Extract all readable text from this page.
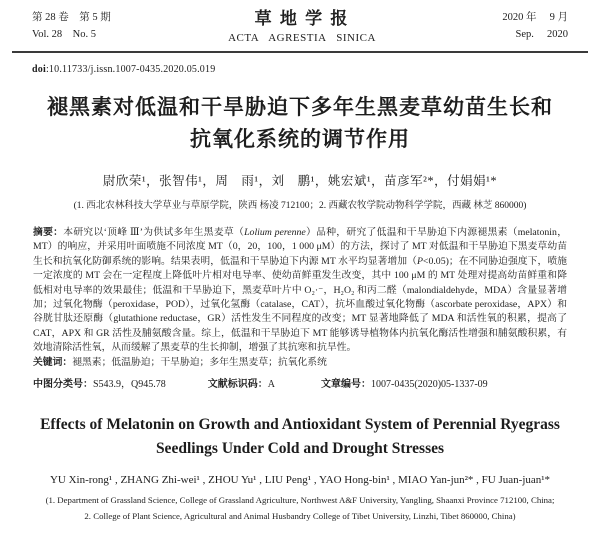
第 28 卷　第 5 期
Vol. 28　No. 5
草 地 学 报
ACTA AGRESTIA SINICA
2020 年　 9 月
Sep.　 2020
doi:10.11733/j.issn.1007-0435.2020.05.019
褪黑素对低温和干旱胁迫下多年生黑麦草幼苗生长和
抗氧化系统的调节作用
尉欣荣¹，张智伟¹，周　雨¹，刘　鹏¹，姚宏斌¹，苗彦军²*，付娟娟¹*
(1. 西北农林科技大学草业与草原学院，陕西 杨凌 712100；2. 西藏农牧学院动物科学学院，西藏 林芝 860000)

摘要：本研究以‘顶峰 Ⅲ’为供试多年生黑麦草（Lolium perenne）品种，研究了低温和干旱胁迫下内源褪黑素（melatonin，MT）的响应，并采用叶面喷施不同浓度 MT（0，20，100，1 000 μM）的方法，探讨了 MT 对低温和干旱胁迫下黑麦草幼苗生长和抗氧化防御系统的影响。结果表明，低温和干旱胁迫下内源 MT 水平均显著增加（P<0.05)；在不同胁迫强度下，喷施一定浓度的 MT 会在一定程度上降低叶片相对电导率、使幼苗鲜重发生改变，其中 100 μM 的 MT 处理对提高幼苗鲜重和降低相对电导率的效果最佳；低温和干旱胁迫下，黑麦草叶片中 O₂·⁻，H₂O₂ 和丙二醛（malondialdehyde，MDA）含量显著增加；过氧化物酶（peroxidase，POD），过氧化氢酶（catalase，CAT），抗坏血酸过氧化物酶（ascorbate peroxidase，APX）和谷胱甘肽还原酶（glutathione reductase，GR）活性发生不同程度的改变；MT 显著地降低了 MDA 和活性氧的积累，提高了 CAT，APX 和 GR 活性及脯氨酸含量。综上，低温和干旱胁迫下 MT 能够诱导植物体内抗氧化酶活性增强和脯氨酸积累，有效地清除活性氧，从而缓解了黑麦草的生长抑制，增强了其抗寒和抗旱性。

关键词：褪黑素；低温胁迫；干旱胁迫；多年生黑麦草；抗氧化系统

中图分类号：S543.9，Q945.78	文献标识码：A	文章编号：1007-0435(2020)05-1337-09
Effects of Melatonin on Growth and Antioxidant System of Perennial Ryegrass
Seedlings Under Cold and Drought Stresses
YU Xin-rong¹ , ZHANG Zhi-wei¹ , ZHOU Yu¹ , LIU Peng¹ , YAO Hong-bin¹ , MIAO Yan-jun²* , FU Juan-juan¹*
(1. Department of Grassland Science, College of Grassland Agriculture, Northwest A&F University, Yangling, Shaanxi Province 712100, China;
2. College of Plant Science, Agricultural and Animal Husbandry College of Tibet University, Linzhi, Tibet 860000, China)
